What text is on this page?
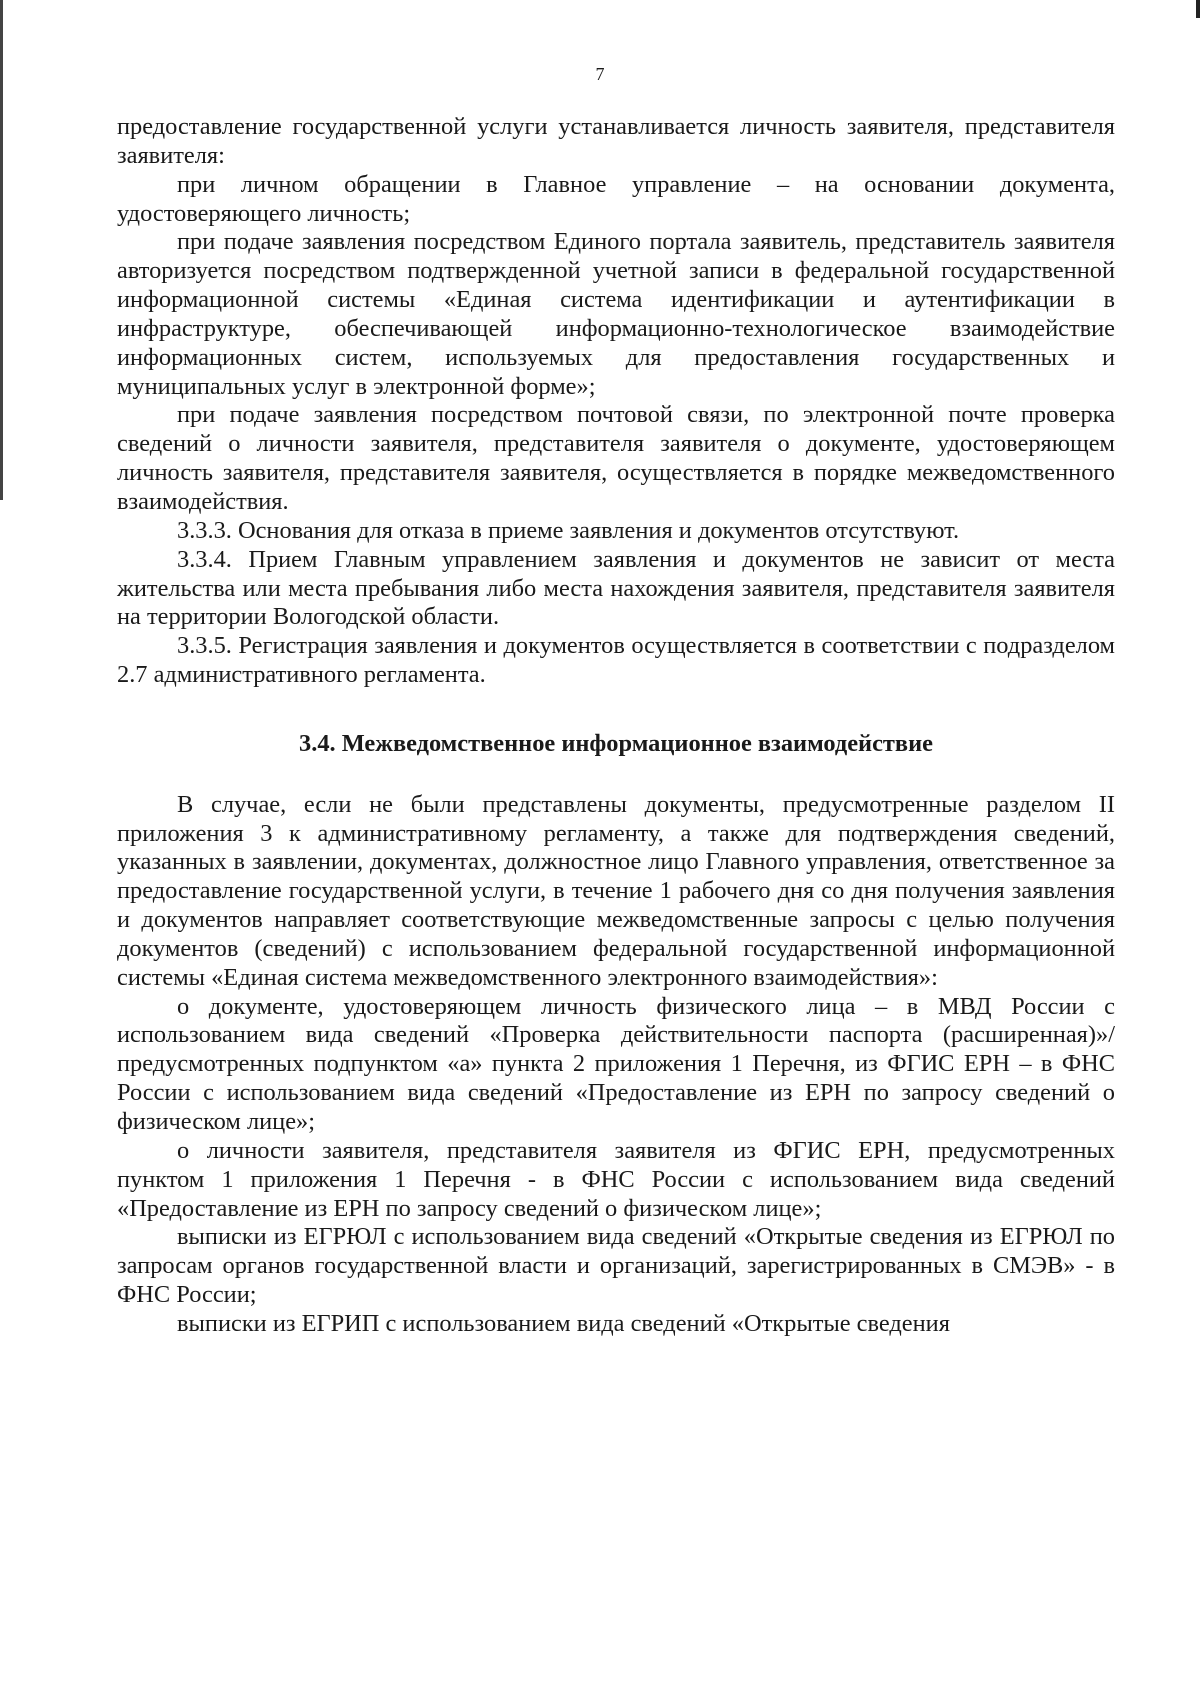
7

предоставление государственной услуги устанавливается личность заявителя, представителя заявителя:

при личном обращении в Главное управление – на основании документа, удостоверяющего личность;

при подаче заявления посредством Единого портала заявитель, представитель заявителя авторизуется посредством подтвержденной учетной записи в федеральной государственной информационной системы «Единая система идентификации и аутентификации в инфраструктуре, обеспечивающей информационно-технологическое взаимодействие информационных систем, используемых для предоставления государственных и муниципальных услуг в электронной форме»;

при подаче заявления посредством почтовой связи, по электронной почте проверка сведений о личности заявителя, представителя заявителя о документе, удостоверяющем личность заявителя, представителя заявителя, осуществляется в порядке межведомственного взаимодействия.

3.3.3. Основания для отказа в приеме заявления и документов отсутствуют.

3.3.4. Прием Главным управлением заявления и документов не зависит от места жительства или места пребывания либо места нахождения заявителя, представителя заявителя на территории Вологодской области.

3.3.5. Регистрация заявления и документов осуществляется в соответствии с подразделом 2.7 административного регламента.

3.4. Межведомственное информационное взаимодействие

В случае, если не были представлены документы, предусмотренные разделом II приложения 3 к административному регламенту, а также для подтверждения сведений, указанных в заявлении, документах, должностное лицо Главного управления, ответственное за предоставление государственной услуги, в течение 1 рабочего дня со дня получения заявления и документов направляет соответствующие межведомственные запросы с целью получения документов (сведений) с использованием федеральной государственной информационной системы «Единая система межведомственного электронного взаимодействия»:

о документе, удостоверяющем личность физического лица – в МВД России с использованием вида сведений «Проверка действительности паспорта (расширенная)»/предусмотренных подпунктом «а» пункта 2 приложения 1 Перечня, из ФГИС ЕРН – в ФНС России с использованием вида сведений «Предоставление из ЕРН по запросу сведений о физическом лице»;

о личности заявителя, представителя заявителя из ФГИС ЕРН, предусмотренных пунктом 1 приложения 1 Перечня - в ФНС России с использованием вида сведений «Предоставление из ЕРН по запросу сведений о физическом лице»;

выписки из ЕГРЮЛ с использованием вида сведений «Открытые сведения из ЕГРЮЛ по запросам органов государственной власти и организаций, зарегистрированных в СМЭВ» - в ФНС России;

выписки из ЕГРИП с использованием вида сведений «Открытые сведения
